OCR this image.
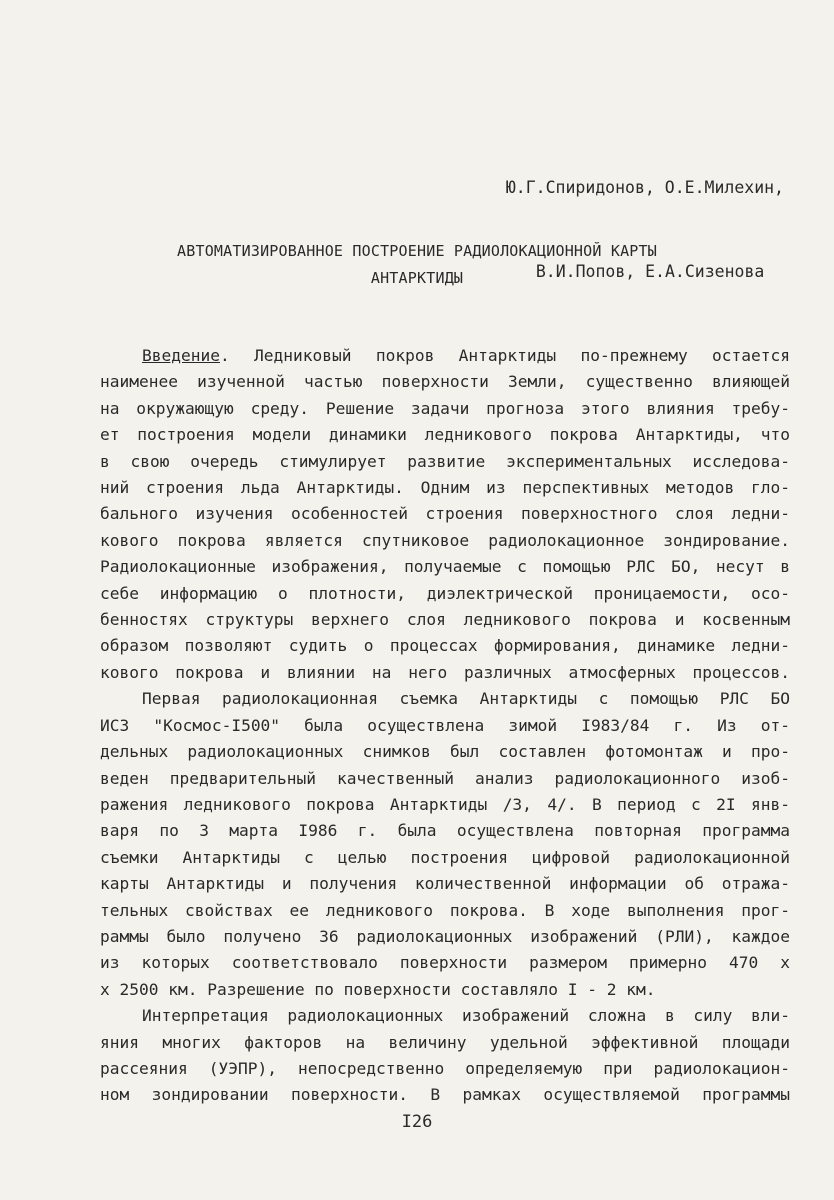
Ю.Г.Спиридонов, О.Е.Милехин,

В.И.Попов, Е.А.Сизенова

АВТОМАТИЗИРОВАННОЕ ПОСТРОЕНИЕ РАДИОЛОКАЦИОННОЙ КАРТЫ
АНТАРКТИДЫ
Введение. Ледниковый покров Антарктиды по-прежнему остается
наименее изученной частью поверхности Земли, существенно влияющей
на окружающую среду. Решение задачи прогноза этого влияния требу-
ет построения модели динамики ледникового покрова Антарктиды, что
в свою очередь стимулирует развитие экспериментальных исследова-
ний строения льда Антарктиды. Одним из перспективных методов гло-
бального изучения особенностей строения поверхностного слоя ледни-
кового покрова является спутниковое радиолокационное зондирование.
Радиолокационные изображения, получаемые с помощью РЛС БО, несут в
себе информацию о плотности, диэлектрической проницаемости, осо-
бенностях структуры верхнего слоя ледникового покрова и косвенным
образом позволяют судить о процессах формирования, динамике ледни-
кового покрова и влиянии на него различных атмосферных процессов.
Первая радиолокационная съемка Антарктиды с помощью РЛС БО
ИСЗ "Космос-I500" была осуществлена зимой I983/84 г. Из от-
дельных радиолокационных снимков был составлен фотомонтаж и про-
веден предварительный качественный анализ радиолокационного изоб-
ражения ледникового покрова Антарктиды /3, 4/. В период с 2I янв-
варя по 3 марта I986 г. была осуществлена повторная программа
съемки Антарктиды с целью построения цифровой радиолокационной
карты Антарктиды и получения количественной информации об отража-
тельных свойствах ее ледникового покрова. В ходе выполнения прог-
раммы было получено 36 радиолокационных изображений (РЛИ), каждое
из которых соответствовало поверхности размером примерно 470 х
х 2500 км. Разрешение по поверхности составляло I - 2 км.
Интерпретация радиолокационных изображений сложна в силу вли-
яния многих факторов на величину удельной эффективной площади
рассеяния (УЭПР), непосредственно определяемую при радиолокацион-
ном зондировании поверхности. В рамках осуществляемой программы
I26
